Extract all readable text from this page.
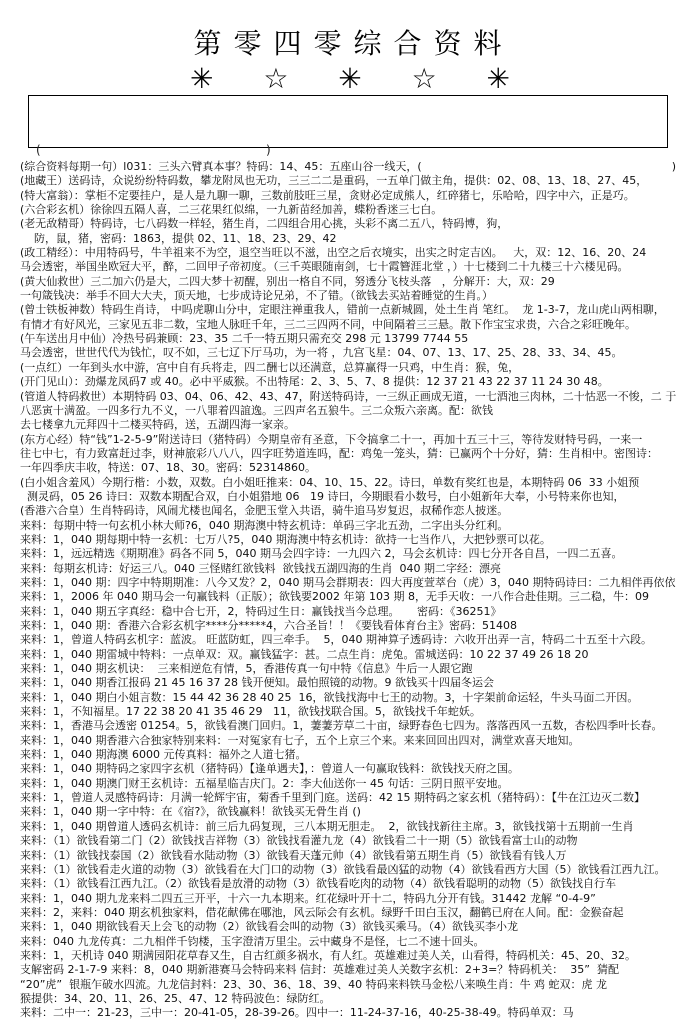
第零四零综合资料
✳ ☆ ✳ ☆ ✳
(	)
(综合资料每期一句）l031：三头六臂真本事？特码：14、45：五座山谷一线天，(	)
(地藏王）送码诗，众说纷纷特码数，攀龙附凤也无功，三三二二是重码，一五单门做主角，提供：02、08、13、18、27、45，
(特大富翁）：掌柜不定要挂户，是人是九聊一聊，三数前肢旺三星，贪财必定成熊人，红碎猪七，乐哈哈，四字中六，正是巧。
(六合彩玄机）徐徐四五隔人喜，二三花果红似绵，一九新苗经加善，蝶粉香迷三七白。
(老无敌精哥）特码诗，七八码数一样轻，猪生肖，二四组合用心挑，头彩不离二五八，特码博，狗，
防，鼠，猪，密码：1863，提供 02、11、18、23、29、42
(政工精经）：中用特码号，牛羊祖来不为空，退空当旺以不滋，出空之后衣境实，出实之时定吉凶。   大，双：12、16、20、24
马会透密，举国坐欧冠大平，醉，二回甲子帝初度。（三千英眼随南剑，七十霞簪涯北堂 ，）十七楼到二十九楼三十六楼见码。
(黄大仙救世）三二加六仍是大，二四大梦十初醒，别出一格自不同，努透分飞枝头落   ，分解开：大，双：29
一句箴钱决：举手不回大大夫，顶天地，七步成诗论兄弟，不了错。（欲钱去买站着睡觉的生肖。）
(曾士铁板神数）特码生肖诗， 中吗虎聊山分中，定眼注禅重我人，错前一点新城圆，处土生肖 笔红。  龙 1-3-7，龙山虎山两相聊，
有情才有好风光，三家见五非二数，宝地人脉旺千年，三二三四两不同，中间隔着三三悬。散下作宝宝求贵，六合之彩旺晚年。
(午车送出月中仙）冷热号码兼顾：23、35 二千一特五期只需充交 298 元 13799 7744 55
马会透密，世世代代为钱忙，叹不如，三七辽下厅马功，为一将 ，九宫飞星：04、07、13、17、25、28、33、34、45。
(一点红）一年到头水中游，宫中自有兵将走，四二酬七以还满意，总算赢得一只鸡，中生肖：猴，兔，
(开门见山）：劲爆龙凤码7 或 40。必中平威猴。不出特尾：2、3、5、7、8 提供：12 37 21 43 22 37 11 24 30 48。
(管道人特码救世）本期特码 03、04、06、42、43、47，附送特码诗，一三纵正画成无道，一七酒池三肉林，二十怙恶一不悛，二 于
八恶寅十满盈。一四多行九不义，一八罪着四誼逸。三四声名五狼牛。三二众叛六亲离。配：欲钱
去七楼拿九元拜四十二楼买特码，送，五湖四海一家亲。
(东方心经）特“钱”1-2-5-9”附送诗曰（猪特码）今期皇帝有圣意，下令搞拿二十一，再加十五三十三，等待发财特号码，一来一
往七中七，有力致富赶过李，财神旅彩八八八，四字旺势道连吗，配：鸡兔一笼头，猜：已赢两个十分好，猜：生肖相中。密图诗：
一年四季庆丰收，特送：07、18、30。密码：52314860。
(白小姐含羞风）今期行楷：小数，双数。白小姐旺推来：04、10、15、22。诗曰，单数有奖红也是，本期特码 06  33 小姐预
测灵码，05 26 诗曰：双数本期配合双，白小姐猎地 06   19 诗曰，今期眼看小数号，白小姐新年大奉，小号特来你也知，
(香港六合皇）生肖特码诗，风闹尤楼也闻名，金肥玉堂入共语，骑牛追马岁复迟，叔稀作恋人披迷。
来料：每期中特一句玄机小林大师?6，040 期海澳中特玄机诗：单码三字北五劲，二字出头分红利。
来料：1，040 期每期中特一玄机：七万八?5，040 期海澳中特玄机诗：欲持一七当作八，大把钞票可以花。
来料：1，远远精选《期期准》码各不同 5，040 期马会四字诗：一九四六 2，马会玄机诗：四七分开各自昌，一四二五喜。
来料：每期玄机诗：好运三八。040 三怪赌红欲钱料  欲钱找五湖四海的生肖  040 期二字经：漂亮
来料：1，040 期：四字中特期期准：八今又发？2，040 期马会群期表：四大再度萱萃台（虎）3，040 期特码诗曰：二九相伴再依依
来料：1，2006 年 040 期马会一句赢钱料（正版）；欲钱要2002 年第 103 期 8，无手天收：一八作合赴佳期。三二稳，牛：09
来料：1，040 期五字真经：稳中合七开，2，特码过生日：赢钱找当今总理。     密码：《36251》
来料：1，040 期：香港六合彩玄机字****分*****4，六合圣旨！！《要钱看体育台主》密码：51408
来料：1，曾道人特码玄机字：蓝波。 旺蓝防虹，四三牵手。  5，040 期神算子透码诗：六收开出弄一言，特码二十五至十六段。
来料：1，040 期雷城中特料：一点单双：双。赢钱猛字：甚。二点生肖：虎兔。雷城送码：10 22 37 49 26 18 20
来料：1，040 期玄机诀：  三来相逆危有情，5，香港传真一句中特《信息》牛后一人跟它跑
来料：1，040 期香江报码 21 45 16 37 28 钱开便知。最怕照镜的动物。9 欲钱买十四届冬运会
来料：1，040 期白小姐言数：15 44 42 36 28 40 25  16，欲钱找海中七王的动物。3，十字架前命运轻，牛头马面二开因。
来料：1，不知福星。17 22 38 20 41 35 46 29   11，欲钱找联合国。5，欲钱找千年蛇妖。
来料：1，香港马会透密 01254。5，欲钱看澳门回归。1，萋萋芳草二十亩，绿野春色七四为。落落西风一五数，杏松四季叶长春。
来料：1，040 期香港六合独家特别来料：一对冤家有七子，五个上京三个来。来来回回出四对，满堂欢喜天地知。
来料：1，040 期海澳 6000 元传真料：福外之人道七猪。
来料：1，040 期特码之家四字玄机（猪特码）【逢单遇夫】，：曾道人一句赢取钱料：欲钱找天府之国。
来料：1，040 期澳门财王玄机诗：五福星临吉庆门。2：李大仙送你一 45 句话：三阴日照平安地。
来料：1，曾道人灵感特码诗：月满一轮辉宇宙，菊香千里到门庭。送码：42 15 期特码之家玄机（猪特码）：【牛在江边灭二数】
来料：1，040 期一字中特：在《宿?》，欲钱赢料！欲钱买无骨生肖 ()
来料：1，040 期曾道人透码玄机诗：前三后九码复现，三八本期无胆走。  2，欲钱找新往主席。3，欲钱找第十五期前一生肖
来料：（1）欲钱看第二门（2）欲钱找吉祥物（3）欲钱找看灌九龙（4）欲钱看二十一期（5）欲钱看富士山的动物
来料：（1）欲钱找泰国（2）欲钱看水陆动物（3）欲钱看天蓬元帅（4）欲钱看第五期生肖（5）欲钱看有钱人万
来料：（1）欲钱看走火道的动物（3）欲钱看在大门口的动物（3）欲钱看最凶猛的动物（4）欲钱看西方大国（5）欲钱看江西九江。
来料：（1）欲钱看江西九江。（2）欲钱看是放滑的动物（3）欲钱看吃肉的动物（4）欲钱看聪明的动物（5）欲钱找自行车
来料：1，040 期九龙来料二四五三开平，十六一九本期来。红花绿叶开十二，特码九分开有钱。31442 龙解 “0-4-9”
来料：2，来料：040 期玄机独家料，借花献佛在哪池，风云际会有玄机。绿野千田白玉汉，翻鹤已府在人间。配：金猴奋起
来料：1，040 期欲钱看天上会飞的动物（2）欲钱看会叫的动物（3）欲钱买乘马。（4）欲钱买李小龙
来料：040 九龙传真：二九相伴千钧楼，玉字澄清万里尘。云中藏身不是怪，七二不速十回头。
来料：1，天机诗 040 期满园阳花草春又生，自古红颜多祸水，有人红。英雄难过美人关，山看得，特码机关：45、20、32。
支解密码 2-1-7-9 来料：8，040 期新港赛马会特码来料 信封：英雄难过美人关数字玄机：2+3=？特码机关：  35”  猜配
“20”虎”  银瓶乍破水四流。九龙信封料：23、30、36、18、39、40 特码来料铁马金松八来唤生肖：牛 鸡 蛇双：虎 龙
猴提供：34、20、11、26、25、47、12 特码波色：绿防红。
来料：二中一：21-23，三中一：20-41-05，28-39-26。四中一：11-24-37-16，40-25-38-49。特码单双：马
